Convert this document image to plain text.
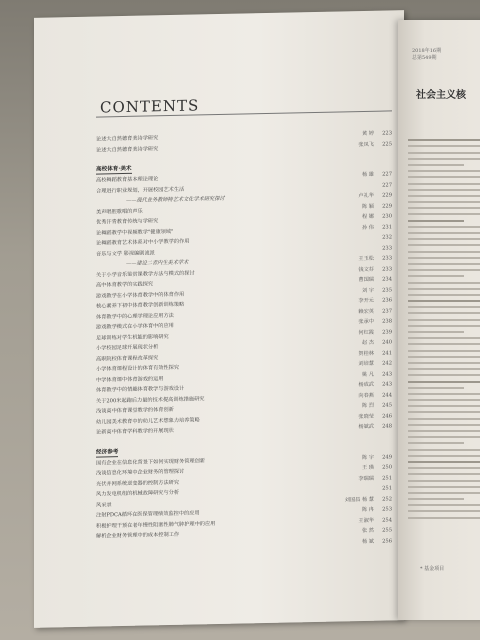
CONTENTS
论述大自然德育美诗学研究
黄 婷 223
论述大自然德育美诗学研究
张凤飞 225
高校体育·美术
高校舞蹈教育基本理论理论
杨 雄 227
合理进行职业规划，开展校园艺术生活
227
——现代业务教师特艺术文化学术研究探讨	卢礼华 229
美声唱腔歌唱的声乐
陈 颖 229
优秀汗青教育传统与学研究
程 娜 230
论舞蹈教学中视频教学"健康领域"
孙 伟 231
论舞蹈教育艺术体系对中小学教学的作用
232
音乐与文学 影视编剧流派
233
——建设二者内生美术学术
王玉松 233
关于小学音乐鉴赏课教学方法与模式的探讨
钱文芬 233
高中体育教学的实践探究
曹国瑞 234
游戏教学在小学体育教学中的体育作用
刘 宇 235
核心素养下初中体育教学创新训练策略
李开元 236
体育教学中的心理学理论应用方法
赖宏英 237
游戏教学模式在小学体育中的应用
张承中 238
足球训练对学生机能的影响研究
何红霞 239
小学校园足球开展现状分析
赵 杰 240
高职院校体育课程改革探究
贺桂林 241
小学体育课程设计的体育有效性探究
刘培慧 242
中学体育课中体育游戏的运用
姚 凡 243
体育教学中的情趣体育教学与游戏设计
杨成武 243
关于200米起跑后力量的技术提高训练措施研究
向春燕 244
浅谈高中体育课堂教学的体育创新
陈 烈 245
幼儿园美术教育中的幼儿艺术想象力培养策略
张晓莹 246
论新高中体育学科教学的开展现状
杨斌武 248
经济参考
国有企业在信息化背景下如何实现财务管理创新
陈 宇 249
浅谈信息化环境中企业财务的管理探讨
王 瑛 250
光伏并网系统逆变器的控制方法研究
李瑞瑞 251
风力发电机组的机械故障研究与分析
251
风采录
刘国昌 杨 慧 252
注射PDCA循环在医保管理绩效监控中的应用
陈 冉 253
积极护理干预在老年慢性阻塞性肺气肿护理中的应用
王淑华 254
解析企业财务管理中的成本控制工作
张 然 255
杨 斌 256
2018年16期
总第549期
社会主义核
* 基金项目
